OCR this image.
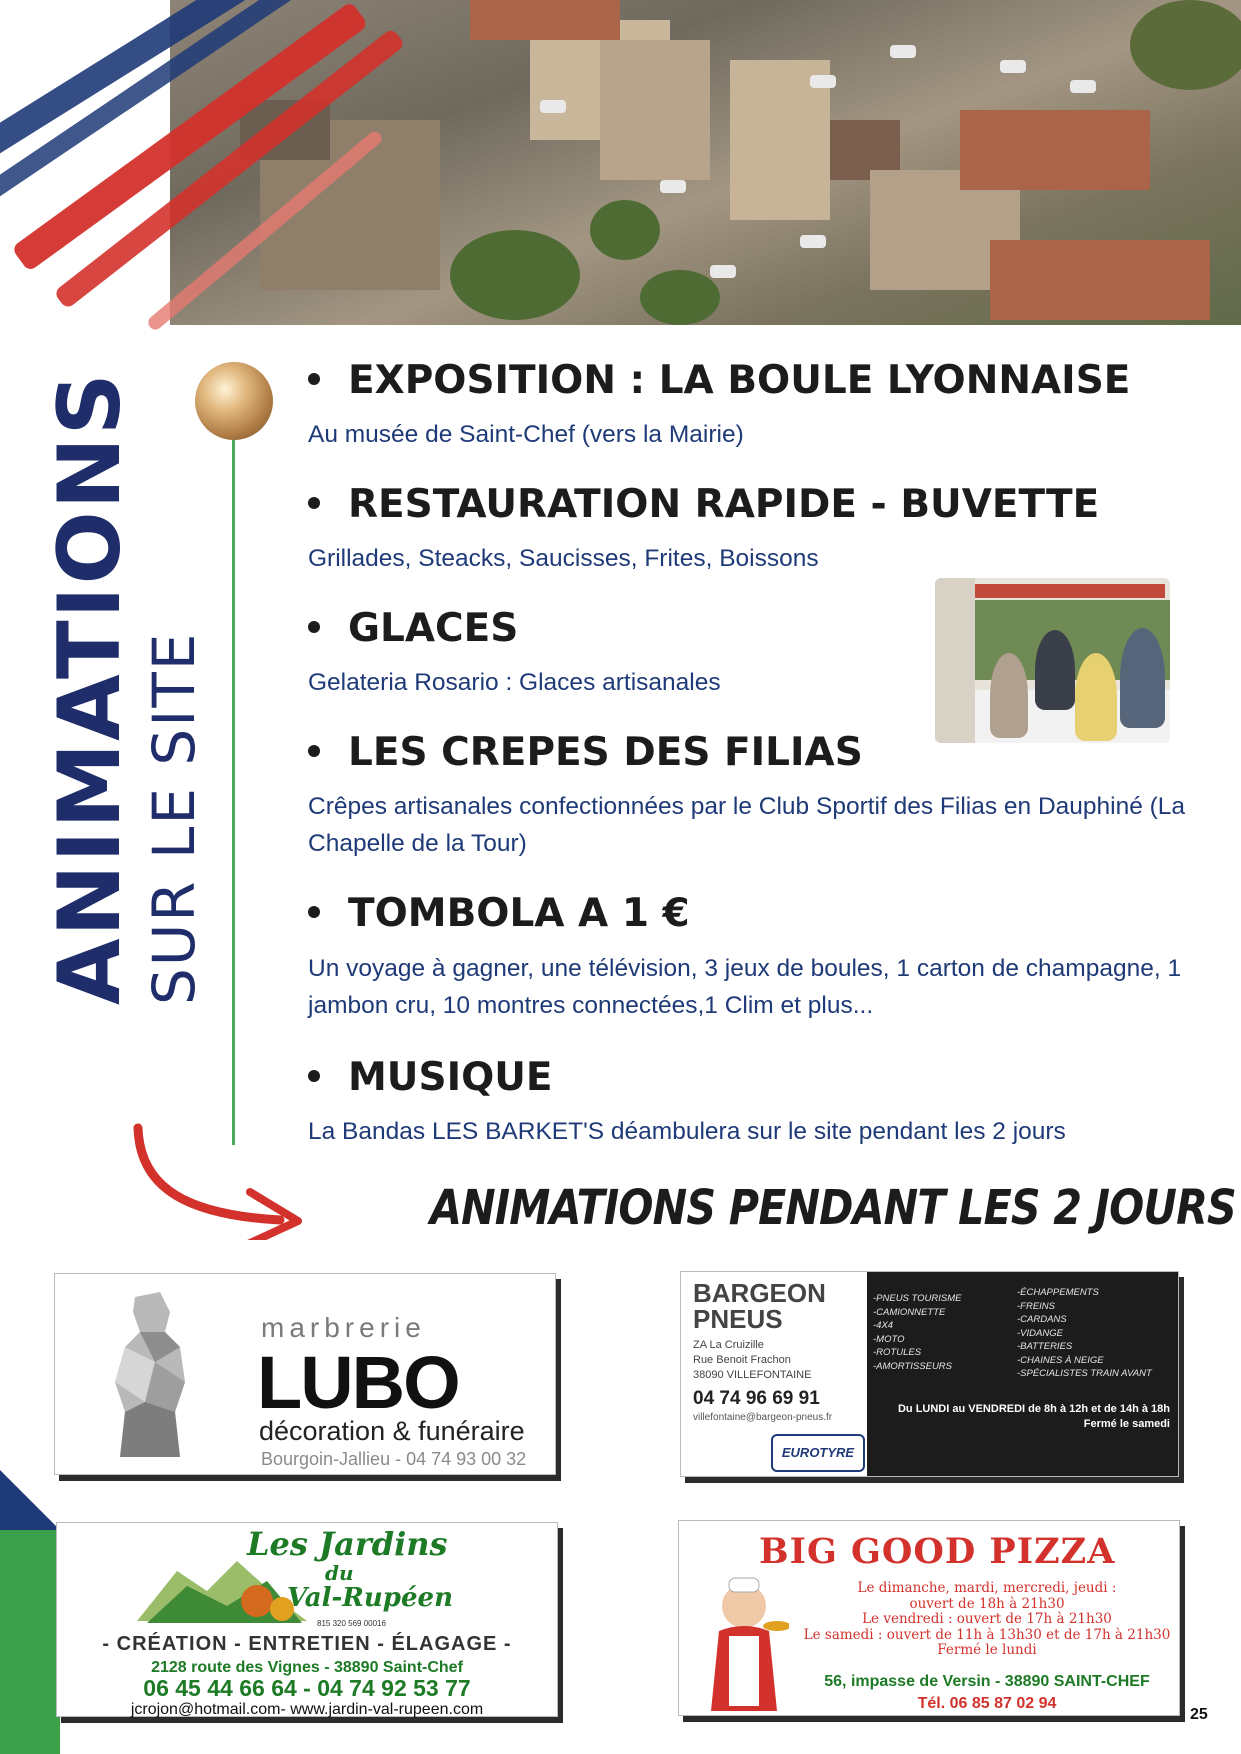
ANIMATIONS SUR LE SITE
EXPOSITION : LA BOULE LYONNAISE
Au musée de Saint-Chef (vers la Mairie)
RESTAURATION RAPIDE - BUVETTE
Grillades, Steacks, Saucisses, Frites, Boissons
GLACES
Gelateria Rosario : Glaces artisanales
LES CREPES DES FILIAS
Crêpes artisanales confectionnées par le Club Sportif des Filias en Dauphiné (La Chapelle de la Tour)
TOMBOLA A 1 €
Un voyage à gagner, une télévision, 3 jeux de boules, 1 carton de champagne, 1 jambon cru, 10 montres connectées,1 Clim et plus...
MUSIQUE
La Bandas LES BARKET'S déambulera sur le site pendant les 2 jours
ANIMATIONS PENDANT LES 2 JOURS
marbrerie
LUBO
décoration & funéraire
Bourgoin-Jallieu - 04 74 93 00 32
BARGEON
PNEUS
ZA La Cruizille
Rue Benoit Frachon
38090 VILLEFONTAINE
04 74 96 69 91
villefontaine@bargeon-pneus.fr
EUROTYRE
-PNEUS TOURISME
-CAMIONNETTE
-4X4
-MOTO
-ROTULES
-AMORTISSEURS
-ÉCHAPPEMENTS
-FREINS
-CARDANS
-VIDANGE
-BATTERIES
-CHAINES À NEIGE
-SPÉCIALISTES TRAIN AVANT
Du LUNDI au VENDREDI de 8h à 12h et de 14h à 18h
Fermé le samedi
Les Jardins
du
Val-Rupéen
815 320 569 00016
- CRÉATION - ENTRETIEN - ÉLAGAGE -
2128 route des Vignes - 38890 Saint-Chef
06 45 44 66 64 - 04 74 92 53 77
jcrojon@hotmail.com- www.jardin-val-rupeen.com
BIG GOOD PIZZA
Le dimanche, mardi, mercredi, jeudi :
ouvert de 18h à 21h30
Le vendredi : ouvert de 17h à 21h30
Le samedi : ouvert de 11h à 13h30 et de 17h à 21h30
Fermé le lundi
56, impasse de Versin - 38890 SAINT-CHEF
Tél. 06 85 87 02 94
25
